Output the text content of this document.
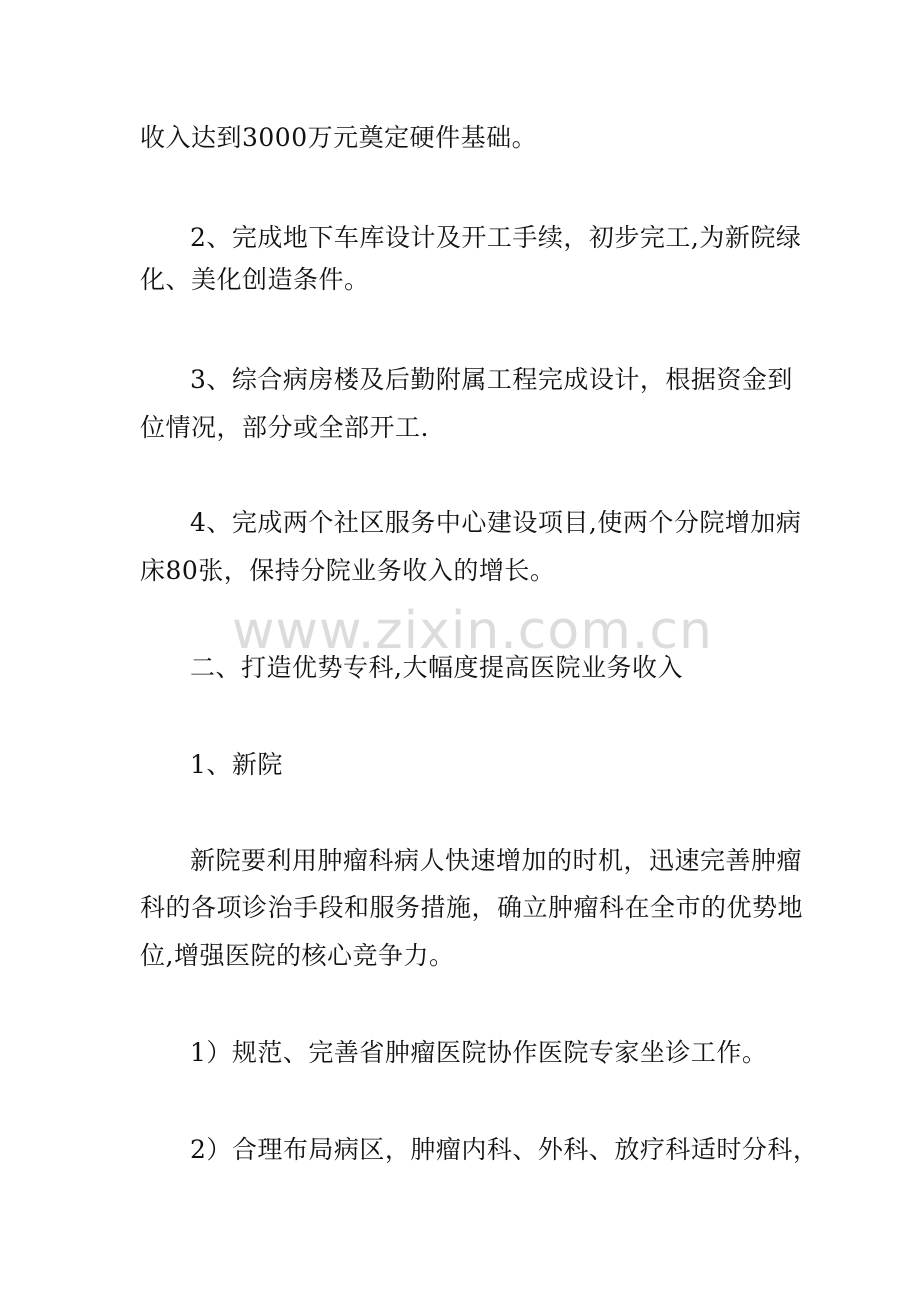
收入达到3000万元奠定硬件基础。
2、完成地下车库设计及开工手续，初步完工,为新院绿
化、美化创造条件。
3、综合病房楼及后勤附属工程完成设计，根据资金到
位情况，部分或全部开工.
4、完成两个社区服务中心建设项目,使两个分院增加病
床80张，保持分院业务收入的增长。
www.zixin.com.cn
二、打造优势专科,大幅度提高医院业务收入
1、新院
新院要利用肿瘤科病人快速增加的时机，迅速完善肿瘤
科的各项诊治手段和服务措施，确立肿瘤科在全市的优势地
位,增强医院的核心竞争力。
1）规范、完善省肿瘤医院协作医院专家坐诊工作。
2）合理布局病区，肿瘤内科、外科、放疗科适时分科，
